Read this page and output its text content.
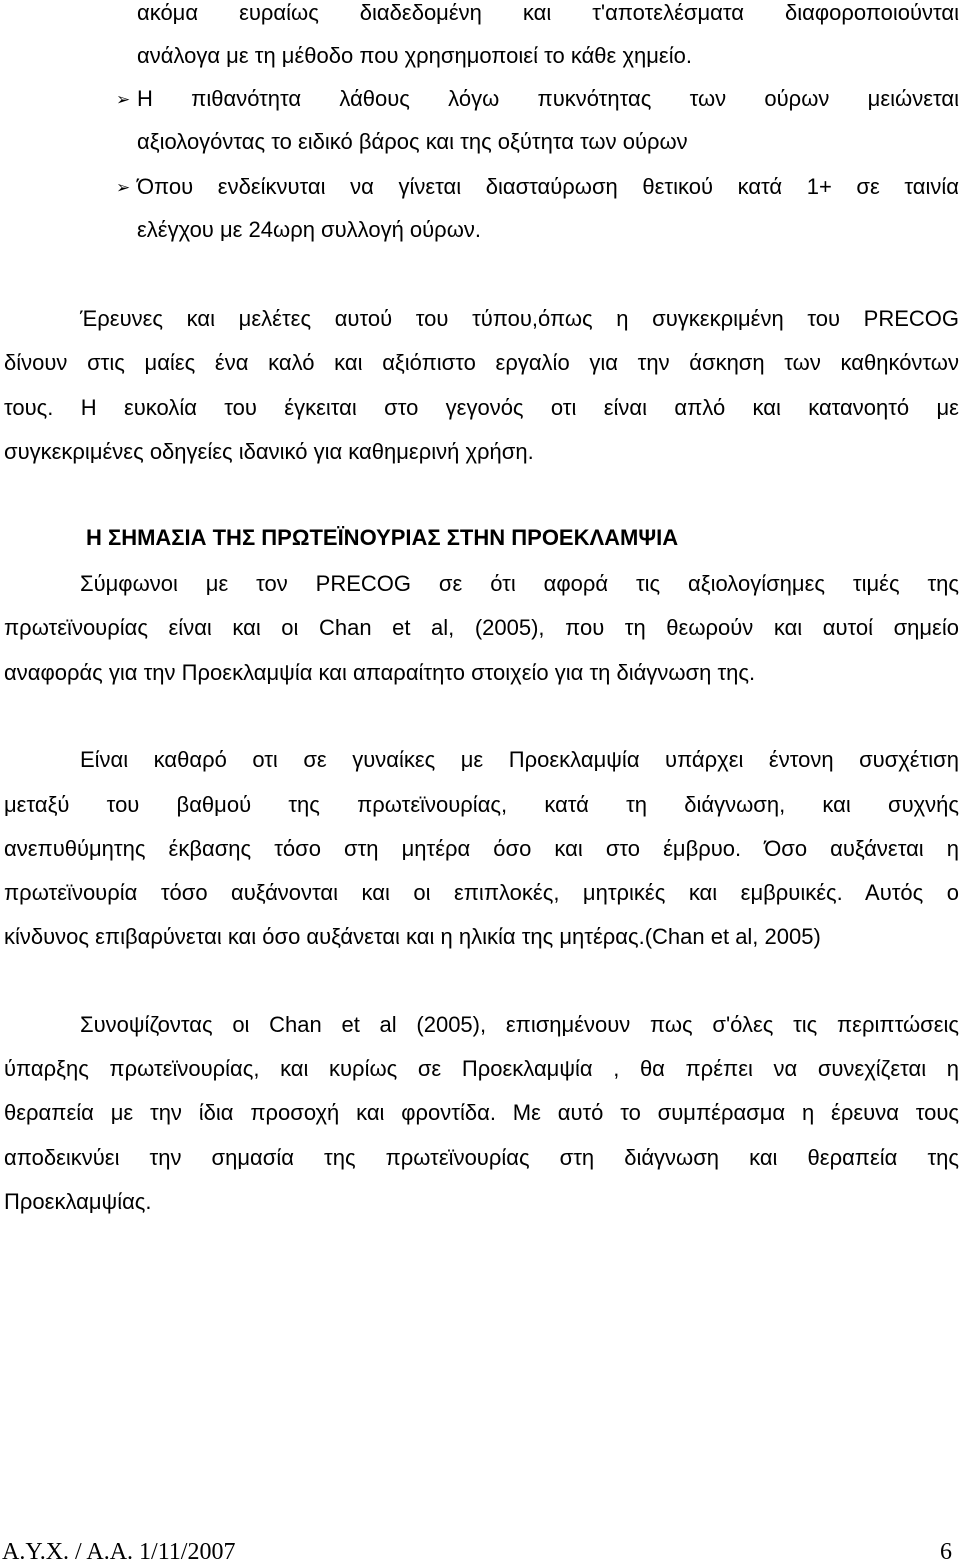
ακόμα ευραίως διαδεδομένη και τ'αποτελέσματα διαφοροποιούνται
ανάλογα με τη μέθοδο που χρησημοποιεί το κάθε χημείο.
➢ Η πιθανότητα λάθους λόγω πυκνότητας των ούρων μειώνεται
αξιολογόντας το ειδικό βάρος και της οξύτητα των ούρων
➢ Όπου ενδείκνυται να γίνεται διασταύρωση θετικού κατά 1+ σε ταινία
ελέγχου με 24ωρη συλλογή ούρων.
Έρευνες και μελέτες αυτού του τύπου,όπως η συγκεκριμένη του PRECOG
δίνουν στις μαίες ένα καλό και αξιόπιστο εργαλίο για την άσκηση των καθηκόντων
τους. Η ευκολία του έγκειται στο γεγονός οτι είναι απλό και κατανοητό με
συγκεκριμένες οδηγείες ιδανικό για καθημερινή χρήση.
Η ΣΗΜΑΣΙΑ ΤΗΣ ΠΡΩΤΕΪΝΟΥΡΙΑΣ ΣΤΗΝ ΠΡΟΕΚΛΑΜΨΙΑ
Σύμφωνοι με τον PRECOG σε ότι αφορά τις αξιολογίσημες τιμές της
πρωτεϊνουρίας είναι και οι Chan et al, (2005), που τη θεωρούν και αυτοί σημείο
αναφοράς για την Προεκλαμψία και απαραίτητο στοιχείο για τη διάγνωση της.
Είναι καθαρό οτι σε γυναίκες με Προεκλαμψία υπάρχει έντονη συσχέτιση
μεταξύ του βαθμού της πρωτεϊνουρίας, κατά τη διάγνωση, και συχνής
ανεπυθύμητης έκβασης τόσο στη μητέρα όσο και στο έμβρυο. Όσο αυξάνεται η
πρωτεϊνουρία τόσο αυξάνονται και οι επιπλοκές, μητρικές και εμβρυικές. Αυτός ο
κίνδυνος επιβαρύνεται και όσο αυξάνεται και η ηλικία της μητέρας.(Chan et al, 2005)
Συνοψίζοντας οι Chan et al (2005), επισημένουν πως σ'όλες τις περιπτώσεις
ύπαρξης πρωτεϊνουρίας, και κυρίως σε Προεκλαμψία , θα πρέπει να συνεχίζεται η
θεραπεία με την ίδια προσοχή και φροντίδα. Με αυτό το συμπέρασμα η έρευνα τους
αποδεικνύει την σημασία της πρωτεϊνουρίας στη διάγνωση και θεραπεία της
Προεκλαμψίας.
Α.Υ.Χ. / Α.Α. 1/11/2007	6
